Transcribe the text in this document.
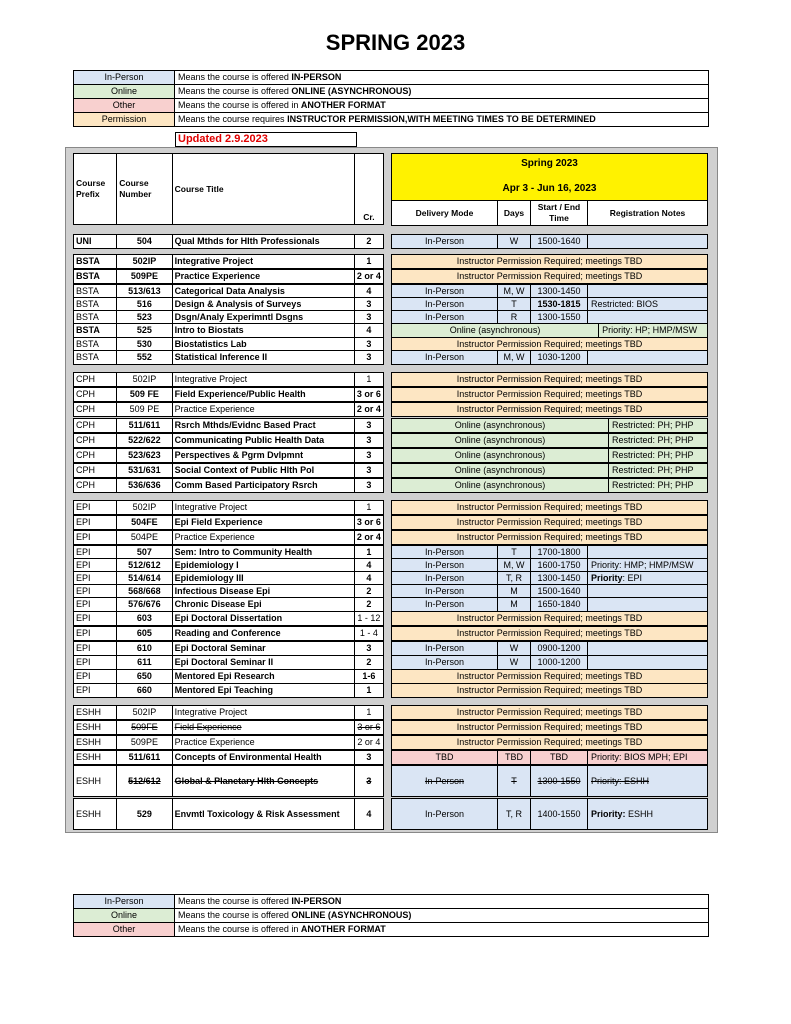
SPRING 2023
In-Person	Means the course is offered IN-PERSON
Online	Means the course is offered ONLINE (ASYNCHRONOUS)
Other	Means the course is offered in ANOTHER FORMAT
Permission	Means the course requires INSTRUCTOR PERMISSION,WITH MEETING TIMES TO BE DETERMINED
Updated 2.9.2023
Course Prefix	Course Number	Course Title	Cr.
Spring 2023
Apr 3 - Jun 16, 2023
Delivery Mode	Days	Start / End Time	Registration Notes
UNI	504	Qual Mthds for Hlth Professionals	2	In-Person	W	1500-1640	
BSTA	502IP	Integrative Project	1	Instructor Permission Required; meetings TBD
BSTA	509PE	Practice Experience	2 or 4	Instructor Permission Required; meetings TBD
BSTA	513/613	Categorical Data Analysis	4	In-Person	M, W	1300-1450	
BSTA	516	Design & Analysis of Surveys	3	In-Person	T	1530-1815	Restricted: BIOS
BSTA	523	Dsgn/Analy Experimntl Dsgns	3	In-Person	R	1300-1550	
BSTA	525	Intro to Biostats	4	Online (asynchronous)	Priority: HP; HMP/MSW
BSTA	530	Biostatistics Lab	3	Instructor Permission Required; meetings TBD
BSTA	552	Statistical Inference II	3	In-Person	M, W	1030-1200	
CPH	502IP	Integrative Project	1	Instructor Permission Required; meetings TBD
CPH	509 FE	Field Experience/Public Health	3 or 6	Instructor Permission Required; meetings TBD
CPH	509 PE	Practice Experience	2 or 4	Instructor Permission Required; meetings TBD
CPH	511/611	Rsrch Mthds/Evidnc Based Pract	3	Online (asynchronous)	Restricted: PH; PHP
CPH	522/622	Communicating Public Health Data	3	Online (asynchronous)	Restricted: PH; PHP
CPH	523/623	Perspectives & Pgrm Dvlpmnt	3	Online (asynchronous)	Restricted: PH; PHP
CPH	531/631	Social Context of Public Hlth Pol	3	Online (asynchronous)	Restricted: PH; PHP
CPH	536/636	Comm Based Participatory Rsrch	3	Online (asynchronous)	Restricted: PH; PHP
EPI	502IP	Integrative Project	1	Instructor Permission Required; meetings TBD
EPI	504FE	Epi Field Experience	3 or 6	Instructor Permission Required; meetings TBD
EPI	504PE	Practice Experience	2 or 4	Instructor Permission Required; meetings TBD
EPI	507	Sem: Intro to Community Health	1	In-Person	T	1700-1800	
EPI	512/612	Epidemiology I	4	In-Person	M, W	1600-1750	Priority: HMP; HMP/MSW
EPI	514/614	Epidemiology III	4	In-Person	T, R	1300-1450	Priority: EPI
EPI	568/668	Infectious Disease Epi	2	In-Person	M	1500-1640	
EPI	576/676	Chronic Disease Epi	2	In-Person	M	1650-1840	
EPI	603	Epi Doctoral Dissertation	1 - 12	Instructor Permission Required; meetings TBD
EPI	605	Reading and Conference	1 - 4	Instructor Permission Required; meetings TBD
EPI	610	Epi Doctoral Seminar	3	In-Person	W	0900-1200	
EPI	611	Epi Doctoral Seminar II	2	In-Person	W	1000-1200	
EPI	650	Mentored Epi Research	1-6	Instructor Permission Required; meetings TBD
EPI	660	Mentored Epi Teaching	1	Instructor Permission Required; meetings TBD
ESHH	502IP	Integrative Project	1	Instructor Permission Required; meetings TBD
ESHH	509FE	Field Experience	3 or 6	Instructor Permission Required; meetings TBD
ESHH	509PE	Practice Experience	2 or 4	Instructor Permission Required; meetings TBD
ESHH	511/611	Concepts of Environmental Health	3	TBD	TBD	TBD	Priority: BIOS MPH; EPI
ESHH	512/612	Global & Planetary Hlth Concepts	3	In-Person	T	1300-1550	Priority: ESHH
ESHH	529	Envmtl Toxicology & Risk Assessment	4	In-Person	T, R	1400-1550	Priority: ESHH
In-Person	Means the course is offered IN-PERSON
Online	Means the course is offered ONLINE (ASYNCHRONOUS)
Other	Means the course is offered in ANOTHER FORMAT
